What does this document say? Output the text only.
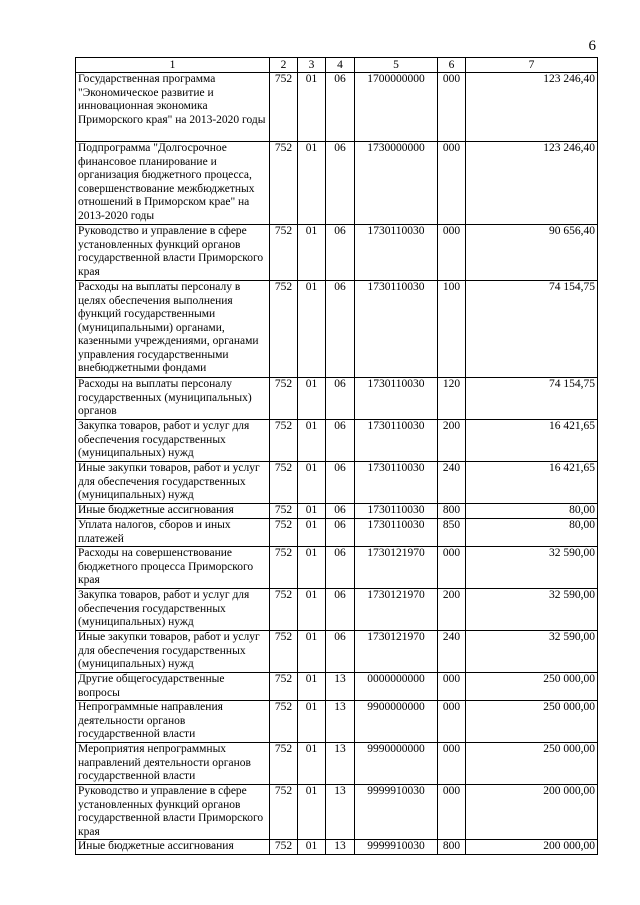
6
1	2	3	4	5	6	7
Государственная программа "Экономическое развитие и инновационная экономика Приморского края" на 2013-2020 годы	752	01	06	1700000000	000	123 246,40
Подпрограмма "Долгосрочное финансовое планирование и организация бюджетного процесса, совершенствование межбюджетных отношений в Приморском крае" на 2013-2020 годы	752	01	06	1730000000	000	123 246,40
Руководство и управление в сфере установленных функций органов государственной власти Приморского края	752	01	06	1730110030	000	90 656,40
Расходы на выплаты персоналу в целях обеспечения выполнения функций государственными (муниципальными) органами, казенными учреждениями, органами управления государственными внебюджетными фондами	752	01	06	1730110030	100	74 154,75
Расходы на выплаты персоналу государственных (муниципальных) органов	752	01	06	1730110030	120	74 154,75
Закупка товаров, работ и услуг для обеспечения государственных (муниципальных) нужд	752	01	06	1730110030	200	16 421,65
Иные закупки товаров, работ и услуг для обеспечения государственных (муниципальных) нужд	752	01	06	1730110030	240	16 421,65
Иные бюджетные ассигнования	752	01	06	1730110030	800	80,00
Уплата налогов, сборов и иных платежей	752	01	06	1730110030	850	80,00
Расходы на совершенствование бюджетного процесса Приморского края	752	01	06	1730121970	000	32 590,00
Закупка товаров, работ и услуг для обеспечения государственных (муниципальных) нужд	752	01	06	1730121970	200	32 590,00
Иные закупки товаров, работ и услуг для обеспечения государственных (муниципальных) нужд	752	01	06	1730121970	240	32 590,00
Другие общегосударственные вопросы	752	01	13	0000000000	000	250 000,00
Непрограммные направления деятельности органов государственной власти	752	01	13	9900000000	000	250 000,00
Мероприятия непрограммных направлений деятельности органов государственной власти	752	01	13	9990000000	000	250 000,00
Руководство и управление в сфере установленных функций органов государственной власти Приморского края	752	01	13	9999910030	000	200 000,00
Иные бюджетные ассигнования	752	01	13	9999910030	800	200 000,00
